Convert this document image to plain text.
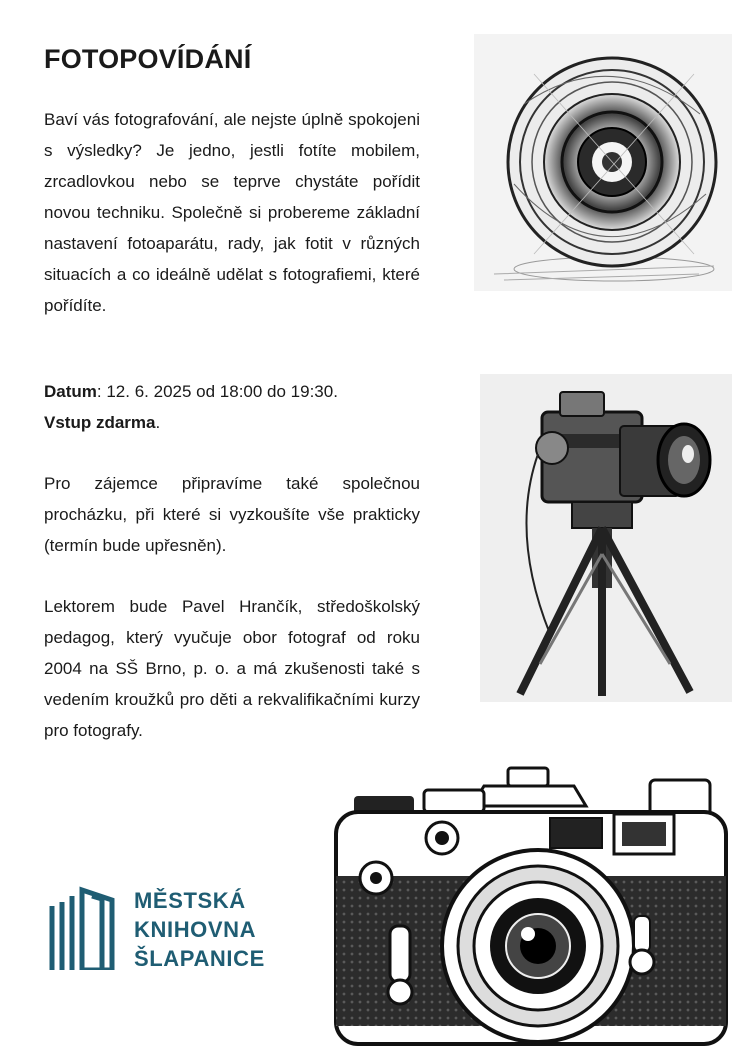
FOTOPOVÍDÁNÍ

Baví vás fotografování, ale nejste úplně spokojeni s výsledky? Je jedno, jestli fotíte mobilem, zrcadlovkou nebo se teprve chystáte pořídit novou techniku. Společně si probereme základní nastavení fotoaparátu, rady, jak fotit v různých situacích a co ideálně udělat s fotografiemi, které pořídíte.

Datum: 12. 6. 2025 od 18:00 do 19:30.
Vstup zdarma.

Pro zájemce připravíme také společnou procházku, při které si vyzkoušíte vše prakticky (termín bude upřesněn).

Lektorem bude Pavel Hrančík, středoškolský pedagog, který vyučuje obor fotograf od roku 2004 na SŠ Brno, p. o. a má zkušenosti také s vedením kroužků pro děti a rekvalifikačními kurzy pro fotografy.

MĚSTSKÁ
KNIHOVNA
ŠLAPANICE
